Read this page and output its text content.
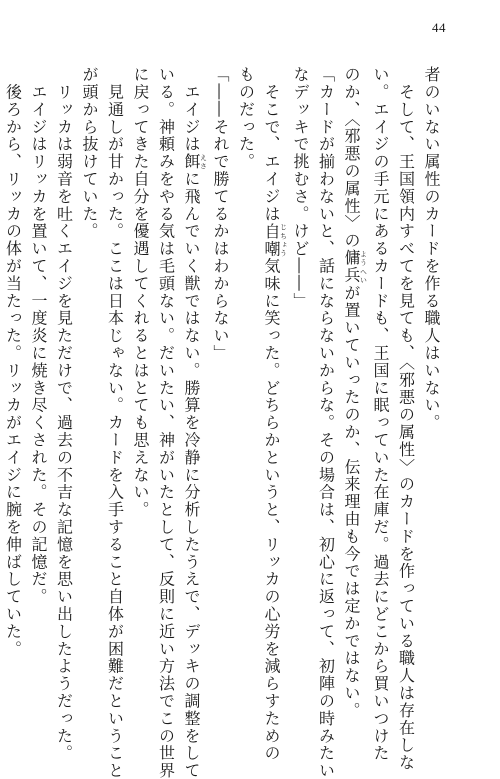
44
者のいない属性のカードを作る職人はいない。
　そして、王国領内すべてを見ても、〈邪悪の属性〉のカードを作っている職人は存在しな
い。エイジの手元にあるカードも、王国に眠っていた在庫だ。過去にどこから買いつけた
のか、〈邪悪の属性〉の傭兵ようへいが置いていったのか、伝来理由も今では定かではない。
「カードが揃わないと、話にならないからな。その場合は、初心に返って、初陣の時みたい
なデッキで挑むさ。けど――」
　そこで、エイジは自嘲じちょう気味に笑った。どちらかというと、リッカの心労を減らすための
ものだった。
「――それで勝てるかはわからない」
　エイジは餌えさに飛んでいく獣ではない。勝算を冷静に分析したうえで、デッキの調整をして
いる。神頼みをやる気は毛頭ない。だいたい、神がいたとして、反則に近い方法でこの世界
に戻ってきた自分を優遇してくれるとはとても思えない。
　見通しが甘かった。ここは日本じゃない。カードを入手すること自体が困難だということ
が頭から抜けていた。
　リッカは弱音を吐くエイジを見ただけで、過去の不吉な記憶を思い出したようだった。
　エイジはリッカを置いて、一度炎に焼き尽くされた。その記憶だ。
　後ろから、リッカの体が当たった。リッカがエイジに腕を伸ばしていた。
